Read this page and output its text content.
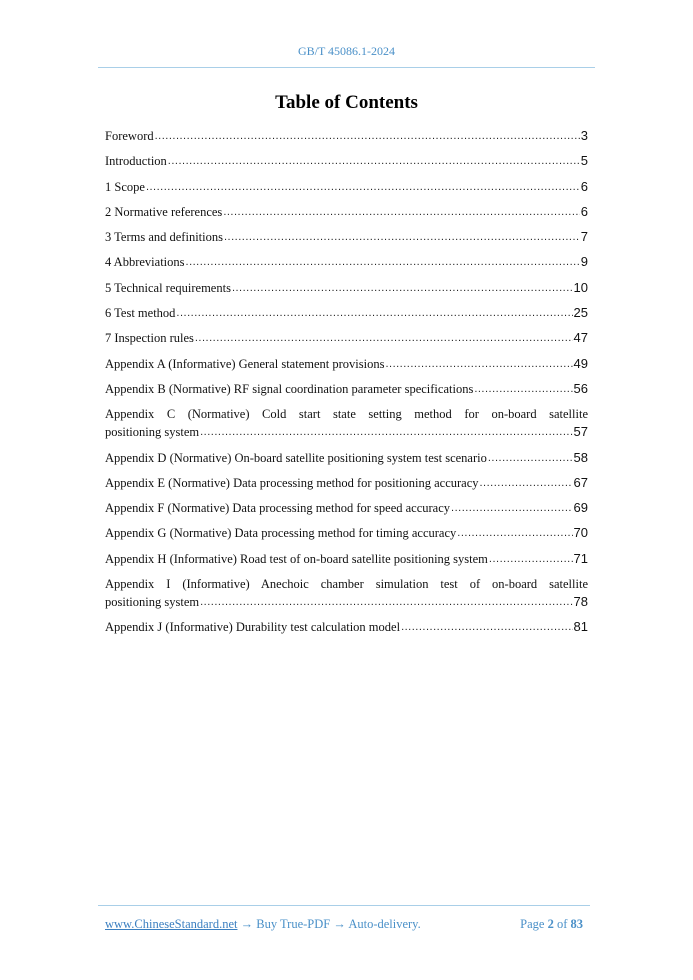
GB/T 45086.1-2024
Table of Contents
Foreword .....	3
Introduction .....	5
1 Scope .....	6
2 Normative references .....	6
3 Terms and definitions .....	7
4 Abbreviations .....	9
5 Technical requirements .....	10
6 Test method .....	25
7 Inspection rules .....	47
Appendix A (Informative) General statement provisions .....	49
Appendix B (Normative) RF signal coordination parameter specifications .....	56
Appendix C (Normative) Cold start state setting method for on-board satellite
positioning system .....	57
Appendix D (Normative) On-board satellite positioning system test scenario .....	58
Appendix E (Normative) Data processing method for positioning accuracy .....	67
Appendix F (Normative) Data processing method for speed accuracy .....	69
Appendix G (Normative) Data processing method for timing accuracy .....	70
Appendix H (Informative) Road test of on-board satellite positioning system .....	71
Appendix I (Informative) Anechoic chamber simulation test of on-board satellite
positioning system .....	78
Appendix J (Informative) Durability test calculation model .....	81
www.ChineseStandard.net → Buy True-PDF → Auto-delivery.	Page 2 of 83
